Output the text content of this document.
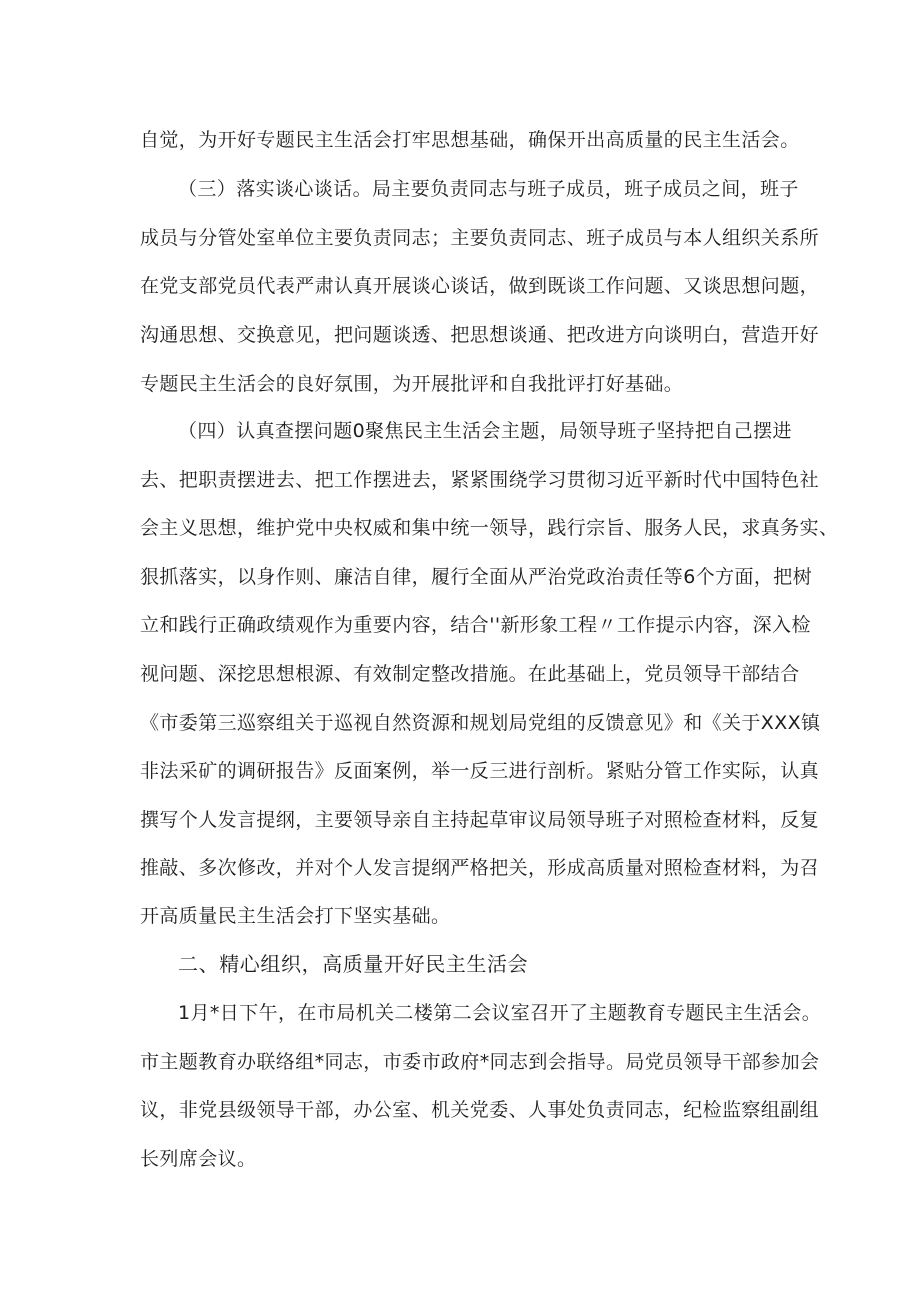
自觉，为开好专题民主生活会打牢思想基础，确保开出高质量的民主生活会。
（三）落实谈心谈话。局主要负责同志与班子成员，班子成员之间，班子
成员与分管处室单位主要负责同志；主要负责同志、班子成员与本人组织关系所
在党支部党员代表严肃认真开展谈心谈话，做到既谈工作问题、又谈思想问题，
沟通思想、交换意见，把问题谈透、把思想谈通、把改进方向谈明白，营造开好
专题民主生活会的良好氛围，为开展批评和自我批评打好基础。
（四）认真查摆问题0聚焦民主生活会主题，局领导班子坚持把自己摆进
去、把职责摆进去、把工作摆进去，紧紧围绕学习贯彻习近平新时代中国特色社
会主义思想，维护党中央权威和集中统一领导，践行宗旨、服务人民，求真务实、
狠抓落实，以身作则、廉洁自律，履行全面从严治党政治责任等6个方面，把树
立和践行正确政绩观作为重要内容，结合''新形象工程〃工作提示内容，深入检
视问题、深挖思想根源、有效制定整改措施。在此基础上，党员领导干部结合
《市委第三巡察组关于巡视自然资源和规划局党组的反馈意见》和《关于XXX镇
非法采矿的调研报告》反面案例，举一反三进行剖析。紧贴分管工作实际，认真
撰写个人发言提纲，主要领导亲自主持起草审议局领导班子对照检查材料，反复
推敲、多次修改，并对个人发言提纲严格把关，形成高质量对照检查材料，为召
开高质量民主生活会打下坚实基础。
二、精心组织，高质量开好民主生活会
1月*日下午，在市局机关二楼第二会议室召开了主题教育专题民主生活会。
市主题教育办联络组*同志，市委市政府*同志到会指导。局党员领导干部参加会
议，非党县级领导干部，办公室、机关党委、人事处负责同志，纪检监察组副组
长列席会议。
